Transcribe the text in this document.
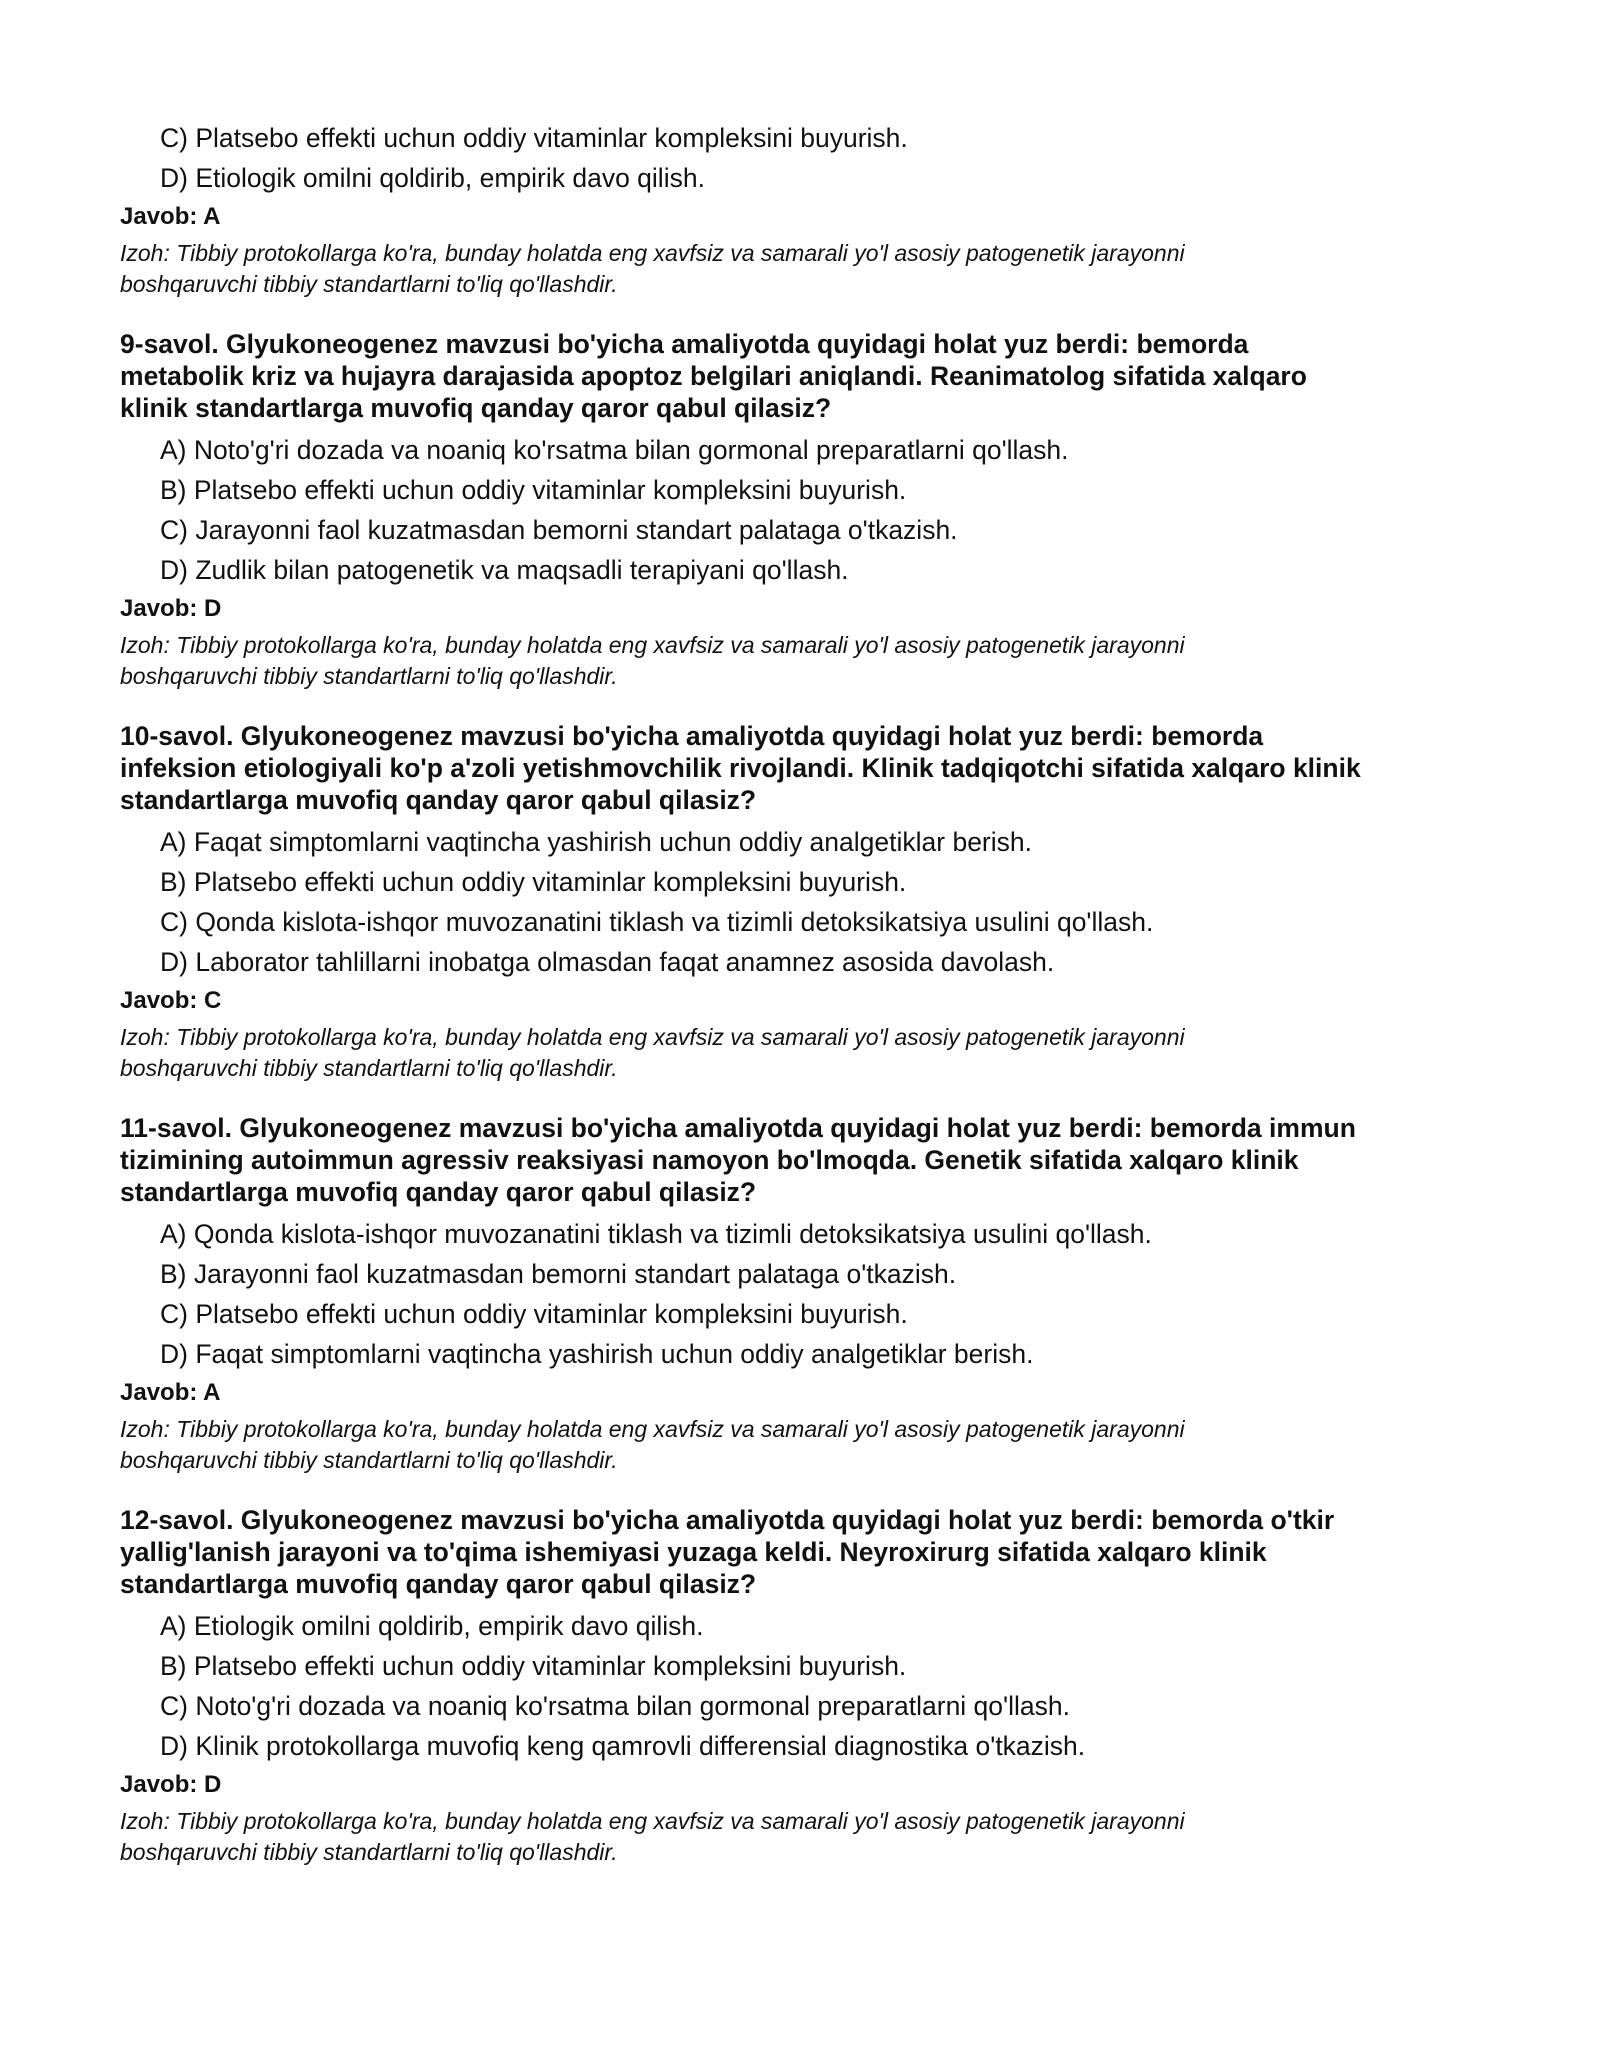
C) Platsebo effekti uchun oddiy vitaminlar kompleksini buyurish.
D) Etiologik omilni qoldirib, empirik davo qilish.
Javob: A
Izoh: Tibbiy protokollarga ko'ra, bunday holatda eng xavfsiz va samarali yo'l asosiy patogenetik jarayonni
boshqaruvchi tibbiy standartlarni to'liq qo'llashdir.
9-savol. Glyukoneogenez mavzusi bo'yicha amaliyotda quyidagi holat yuz berdi: bemorda
metabolik kriz va hujayra darajasida apoptoz belgilari aniqlandi. Reanimatolog sifatida xalqaro
klinik standartlarga muvofiq qanday qaror qabul qilasiz?
A) Noto'g'ri dozada va noaniq ko'rsatma bilan gormonal preparatlarni qo'llash.
B) Platsebo effekti uchun oddiy vitaminlar kompleksini buyurish.
C) Jarayonni faol kuzatmasdan bemorni standart palataga o'tkazish.
D) Zudlik bilan patogenetik va maqsadli terapiyani qo'llash.
Javob: D
Izoh: Tibbiy protokollarga ko'ra, bunday holatda eng xavfsiz va samarali yo'l asosiy patogenetik jarayonni
boshqaruvchi tibbiy standartlarni to'liq qo'llashdir.
10-savol. Glyukoneogenez mavzusi bo'yicha amaliyotda quyidagi holat yuz berdi: bemorda
infeksion etiologiyali ko'p a'zoli yetishmovchilik rivojlandi. Klinik tadqiqotchi sifatida xalqaro klinik
standartlarga muvofiq qanday qaror qabul qilasiz?
A) Faqat simptomlarni vaqtincha yashirish uchun oddiy analgetiklar berish.
B) Platsebo effekti uchun oddiy vitaminlar kompleksini buyurish.
C) Qonda kislota-ishqor muvozanatini tiklash va tizimli detoksikatsiya usulini qo'llash.
D) Laborator tahlillarni inobatga olmasdan faqat anamnez asosida davolash.
Javob: C
Izoh: Tibbiy protokollarga ko'ra, bunday holatda eng xavfsiz va samarali yo'l asosiy patogenetik jarayonni
boshqaruvchi tibbiy standartlarni to'liq qo'llashdir.
11-savol. Glyukoneogenez mavzusi bo'yicha amaliyotda quyidagi holat yuz berdi: bemorda immun
tizimining autoimmun agressiv reaksiyasi namoyon bo'lmoqda. Genetik sifatida xalqaro klinik
standartlarga muvofiq qanday qaror qabul qilasiz?
A) Qonda kislota-ishqor muvozanatini tiklash va tizimli detoksikatsiya usulini qo'llash.
B) Jarayonni faol kuzatmasdan bemorni standart palataga o'tkazish.
C) Platsebo effekti uchun oddiy vitaminlar kompleksini buyurish.
D) Faqat simptomlarni vaqtincha yashirish uchun oddiy analgetiklar berish.
Javob: A
Izoh: Tibbiy protokollarga ko'ra, bunday holatda eng xavfsiz va samarali yo'l asosiy patogenetik jarayonni
boshqaruvchi tibbiy standartlarni to'liq qo'llashdir.
12-savol. Glyukoneogenez mavzusi bo'yicha amaliyotda quyidagi holat yuz berdi: bemorda o'tkir
yallig'lanish jarayoni va to'qima ishemiyasi yuzaga keldi. Neyroxirurg sifatida xalqaro klinik
standartlarga muvofiq qanday qaror qabul qilasiz?
A) Etiologik omilni qoldirib, empirik davo qilish.
B) Platsebo effekti uchun oddiy vitaminlar kompleksini buyurish.
C) Noto'g'ri dozada va noaniq ko'rsatma bilan gormonal preparatlarni qo'llash.
D) Klinik protokollarga muvofiq keng qamrovli differensial diagnostika o'tkazish.
Javob: D
Izoh: Tibbiy protokollarga ko'ra, bunday holatda eng xavfsiz va samarali yo'l asosiy patogenetik jarayonni
boshqaruvchi tibbiy standartlarni to'liq qo'llashdir.
